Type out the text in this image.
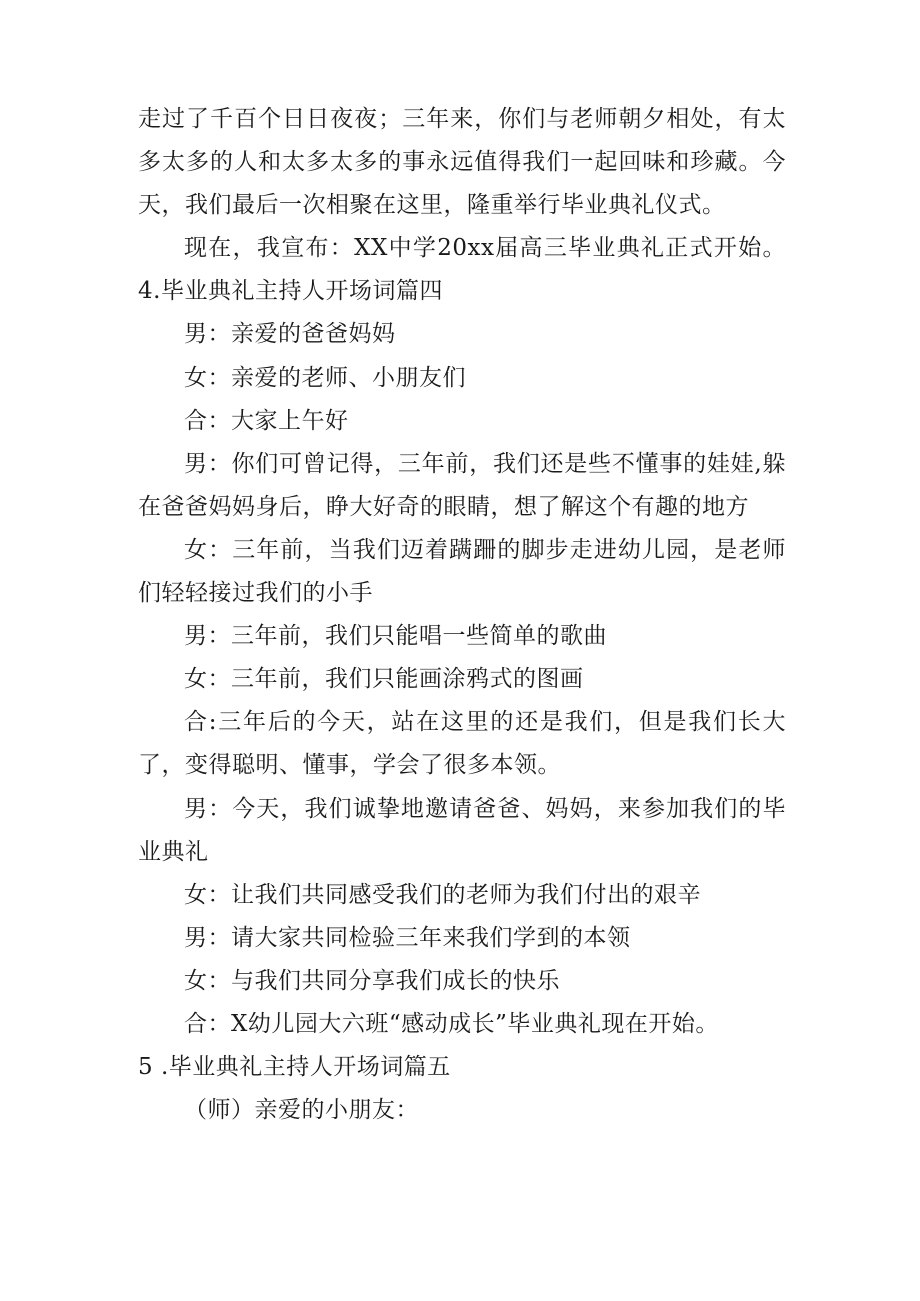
走过了千百个日日夜夜；三年来，你们与老师朝夕相处，有太多太多的人和太多太多的事永远值得我们一起回味和珍藏。今天，我们最后一次相聚在这里，隆重举行毕业典礼仪式。

现在，我宣布：XX中学20xx届高三毕业典礼正式开始。4.毕业典礼主持人开场词篇四

男：亲爱的爸爸妈妈

女：亲爱的老师、小朋友们

合：大家上午好

男：你们可曾记得，三年前，我们还是些不懂事的娃娃,躲在爸爸妈妈身后，睁大好奇的眼睛，想了解这个有趣的地方

女：三年前，当我们迈着蹒跚的脚步走进幼儿园，是老师们轻轻接过我们的小手

男：三年前，我们只能唱一些简单的歌曲

女：三年前，我们只能画涂鸦式的图画

合:三年后的今天，站在这里的还是我们，但是我们长大了，变得聪明、懂事，学会了很多本领。

男：今天，我们诚挚地邀请爸爸、妈妈，来参加我们的毕业典礼

女：让我们共同感受我们的老师为我们付出的艰辛

男：请大家共同检验三年来我们学到的本领

女：与我们共同分享我们成长的快乐

合：X幼儿园大六班“感动成长”毕业典礼现在开始。

5 .毕业典礼主持人开场词篇五

（师）亲爱的小朋友：
